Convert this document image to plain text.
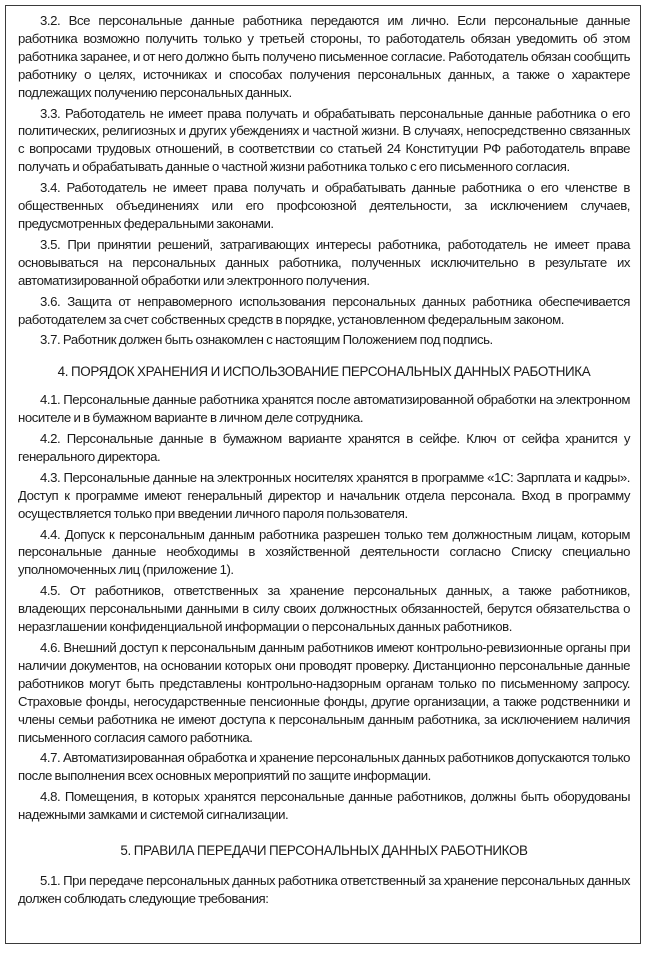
3.2. Все персональные данные работника передаются им лично. Если персональные данные работника возможно получить только у третьей стороны, то работодатель обязан уведомить об этом работника заранее, и от него должно быть получено письменное согласие. Работодатель обязан сообщить работнику о целях, источниках и способах получения персональных данных, а также о характере подлежащих получению персональных данных.

3.3. Работодатель не имеет права получать и обрабатывать персональные данные работника о его политических, религиозных и других убеждениях и частной жизни. В случаях, непосредственно связанных с вопросами трудовых отношений, в соответствии со статьей 24 Конституции РФ работодатель вправе получать и обрабатывать данные о частной жизни работника только с его письменного согласия.

3.4. Работодатель не имеет права получать и обрабатывать данные работника о его членстве в общественных объединениях или его профсоюзной деятельности, за исключением случаев, предусмотренных федеральными законами.

3.5. При принятии решений, затрагивающих интересы работника, работодатель не имеет права основываться на персональных данных работника, полученных исключительно в результате их автоматизированной обработки или электронного получения.

3.6. Защита от неправомерного использования персональных данных работника обеспечивается работодателем за счет собственных средств в порядке, установленном федеральным законом.

3.7. Работник должен быть ознакомлен с настоящим Положением под подпись.

4. ПОРЯДОК ХРАНЕНИЯ И ИСПОЛЬЗОВАНИЕ ПЕРСОНАЛЬНЫХ ДАННЫХ РАБОТНИКА

4.1. Персональные данные работника хранятся после автоматизированной обработки на электронном носителе и в бумажном варианте в личном деле сотрудника.

4.2. Персональные данные в бумажном варианте хранятся в сейфе. Ключ от сейфа хранится у генерального директора.

4.3. Персональные данные на электронных носителях хранятся в программе «1С: Зарплата и кадры». Доступ к программе имеют генеральный директор и начальник отдела персонала. Вход в программу осуществляется только при введении личного пароля пользователя.

4.4. Допуск к персональным данным работника разрешен только тем должностным лицам, которым персональные данные необходимы в хозяйственной деятельности согласно Списку специально уполномоченных лиц (приложение 1).

4.5. От работников, ответственных за хранение персональных данных, а также работников, владеющих персональными данными в силу своих должностных обязанностей, берутся обязательства о неразглашении конфиденциальной информации о персональных данных работников.

4.6. Внешний доступ к персональным данным работников имеют контрольно-ревизионные органы при наличии документов, на основании которых они проводят проверку. Дистанционно персональные данные работников могут быть представлены контрольно-надзорным органам только по письменному запросу. Страховые фонды, негосударственные пенсионные фонды, другие организации, а также родственники и члены семьи работника не имеют доступа к персональным данным работника, за исключением наличия письменного согласия самого работника.

4.7. Автоматизированная обработка и хранение персональных данных работников допускаются только после выполнения всех основных мероприятий по защите информации.

4.8. Помещения, в которых хранятся персональные данные работников, должны быть оборудованы надежными замками и системой сигнализации.

5. ПРАВИЛА ПЕРЕДАЧИ ПЕРСОНАЛЬНЫХ ДАННЫХ РАБОТНИКОВ

5.1. При передаче персональных данных работника ответственный за хранение персональных данных должен соблюдать следующие требования:
